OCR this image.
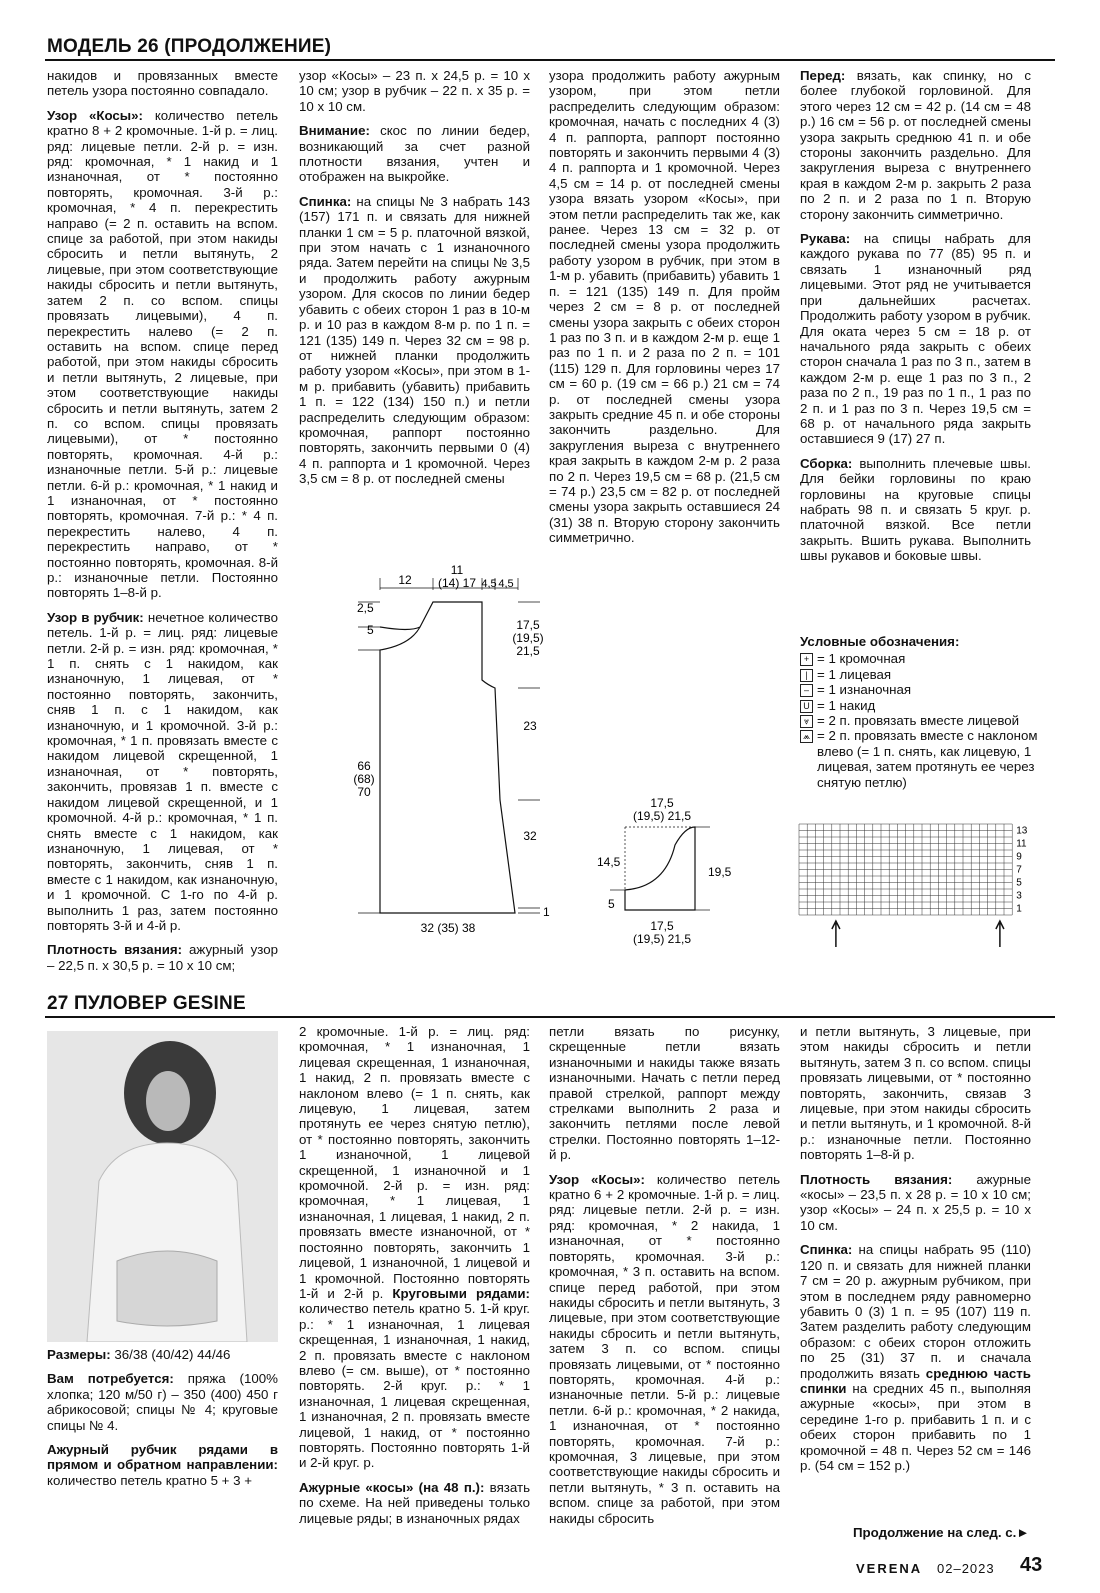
МОДЕЛЬ 26 (ПРОДОЛЖЕНИЕ)

накидов и провязанных вместе петель узора постоянно совпадало.

Узор «Косы»: количество петель кратно 8 + 2 кромочные. 1-й р. = лиц. ряд: лицевые петли. 2-й р. = изн. ряд: кромочная, * 1 накид и 1 изнаночная, от * постоянно повторять, кромочная. 3-й р.: кромочная, * 4 п. перекрестить направо (= 2 п. оставить на вспом. спице за работой, при этом накиды сбросить и петли вытянуть, 2 лицевые, при этом соответствующие накиды сбросить и петли вытянуть, затем 2 п. со вспом. спицы провязать лицевыми), 4 п. перекрестить налево (= 2 п. оставить на вспом. спице перед работой, при этом накиды сбросить и петли вытянуть, 2 лицевые, при этом соответствующие накиды сбросить и петли вытянуть, затем 2 п. со вспом. спицы провязать лицевыми), от * постоянно повторять, кромочная. 4-й р.: изнаночные петли. 5-й р.: лицевые петли. 6-й р.: кромочная, * 1 накид и 1 изнаночная, от * постоянно повторять, кромочная. 7-й р.: * 4 п. перекрестить налево, 4 п. перекрестить направо, от * постоянно повторять, кромочная. 8-й р.: изнаночные петли. Постоянно повторять 1–8-й р.

Узор в рубчик: нечетное количество петель. 1-й р. = лиц. ряд: лицевые петли. 2-й р. = изн. ряд: кромочная, * 1 п. снять с 1 накидом, как изнаночную, 1 лицевая, от * постоянно повторять, закончить, сняв 1 п. с 1 накидом, как изнаночную, и 1 кромочной. 3-й р.: кромочная, * 1 п. провязать вместе с накидом лицевой скрещенной, 1 изнаночная, от * повторять, закончить, провязав 1 п. вместе с накидом лицевой скрещенной, и 1 кромочной. 4-й р.: кромочная, * 1 п. снять вместе с 1 накидом, как изнаночную, 1 лицевая, от * повторять, закончить, сняв 1 п. вместе с 1 накидом, как изнаночную, и 1 кромочной. С 1-го по 4-й р. выполнить 1 раз, затем постоянно повторять 3-й и 4-й р.

Плотность вязания: ажурный узор – 22,5 п. х 30,5 р. = 10 х 10 см;

узор «Косы» – 23 п. х 24,5 р. = 10 х 10 см; узор в рубчик – 22 п. х 35 р. = 10 х 10 см.

Внимание: скос по линии бедер, возникающий за счет разной плотности вязания, учтен и отображен на выкройке.

Спинка: на спицы № 3 набрать 143 (157) 171 п. и связать для нижней планки 1 см = 5 р. платочной вязкой, при этом начать с 1 изнаночного ряда. Затем перейти на спицы № 3,5 и продолжить работу ажурным узором. Для скосов по линии бедер убавить с обеих сторон 1 раз в 10-м р. и 10 раз в каждом 8-м р. по 1 п. = 121 (135) 149 п. Через 32 см = 98 р. от нижней планки продолжить работу узором «Косы», при этом в 1-м р. прибавить (убавить) прибавить 1 п. = 122 (134) 150 п.) и петли распределить следующим образом: кромочная, раппорт постоянно повторять, закончить первыми 0 (4) 4 п. раппорта и 1 кромочной. Через 3,5 см = 8 р. от последней смены

узора продолжить работу ажурным узором, при этом петли распределить следующим образом: кромочная, начать с последних 4 (3) 4 п. раппорта, раппорт постоянно повторять и закончить первыми 4 (3) 4 п. раппорта и 1 кромочной. Через 4,5 см = 14 р. от последней смены узора вязать узором «Косы», при этом петли распределить так же, как ранее. Через 13 см = 32 р. от последней смены узора продолжить работу узором в рубчик, при этом в 1-м р. убавить (прибавить) убавить 1 п. = 121 (135) 149 п. Для пройм через 2 см = 8 р. от последней смены узора закрыть с обеих сторон 1 раз по 3 п. и в каждом 2-м р. еще 1 раз по 1 п. и 2 раза по 2 п. = 101 (115) 129 п. Для горловины через 17 см = 60 р. (19 см = 66 р.) 21 см = 74 р. от последней смены узора закрыть средние 45 п. и обе стороны закончить раздельно. Для закругления выреза с внутреннего края закрыть в каждом 2-м р. 2 раза по 2 п. Через 19,5 см = 68 р. (21,5 см = 74 р.) 23,5 см = 82 р. от последней смены узора закрыть оставшиеся 24 (31) 38 п. Вторую сторону закончить симметрично.

Перед: вязать, как спинку, но с более глубокой горловиной. Для этого через 12 см = 42 р. (14 см = 48 р.) 16 см = 56 р. от последней смены узора закрыть среднюю 41 п. и обе стороны закончить раздельно. Для закругления выреза с внутреннего края в каждом 2-м р. закрыть 2 раза по 2 п. и 2 раза по 1 п. Вторую сторону закончить симметрично.

Рукава: на спицы набрать для каждого рукава по 77 (85) 95 п. и связать 1 изнаночный ряд лицевыми. Этот ряд не учитывается при дальнейших расчетах. Продолжить работу узором в рубчик. Для оката через 5 см = 18 р. от начального ряда закрыть с обеих сторон сначала 1 раз по 3 п., затем в каждом 2-м р. еще 1 раз по 3 п., 2 раза по 2 п., 19 раз по 1 п., 1 раз по 2 п. и 1 раз по 3 п. Через 19,5 см = 68 р. от начального ряда закрыть оставшиеся 9 (17) 27 п.

Сборка: выполнить плечевые швы. Для бейки горловины по краю горловины на круговые спицы набрать 98 п. и связать 5 круг. р. платочной вязкой. Все петли закрыть. Вшить рукава. Выполнить швы рукавов и боковые швы.

12
11
(14) 17 4,5 4,5
2,5
5	17,5
(19,5)
21,5
23
32
66
(68)
70
1
32 (35) 38
17,5
(19,5) 21,5
14,5
19,5
5
17,5
(19,5) 21,5
Условные обозначения:
+ = 1 кромочная
| = 1 лицевая
– = 1 изнаночная
U = 1 накид
⩔ = 2 п. провязать вместе лицевой
⩕ = 2 п. провязать вместе с наклоном влево (= 1 п. снять, как лицевую, 1 лицевая, затем протянуть ее через снятую петлю)
13
11
9
7
5
3
1
27 ПУЛОВЕР GESINE

Размеры: 36/38 (40/42) 44/46

Вам потребуется: пряжа (100% хлопка; 120 м/50 г) – 350 (400) 450 г абрикосовой; спицы № 4; круговые спицы № 4.

Ажурный рубчик рядами в прямом и обратном направлении: количество петель кратно 5 + 3 +

2 кромочные. 1-й р. = лиц. ряд: кромочная, * 1 изнаночная, 1 лицевая скрещенная, 1 изнаночная, 1 накид, 2 п. провязать вместе с наклоном влево (= 1 п. снять, как лицевую, 1 лицевая, затем протянуть ее через снятую петлю), от * постоянно повторять, закончить 1 изнаночной, 1 лицевой скрещенной, 1 изнаночной и 1 кромочной. 2-й р. = изн. ряд: кромочная, * 1 лицевая, 1 изнаночная, 1 лицевая, 1 накид, 2 п. провязать вместе изнаночной, от * постоянно повторять, закончить 1 лицевой, 1 изнаночной, 1 лицевой и 1 кромочной. Постоянно повторять 1-й и 2-й р. Круговыми рядами: количество петель кратно 5. 1-й круг. р.: * 1 изнаночная, 1 лицевая скрещенная, 1 изнаночная, 1 накид, 2 п. провязать вместе с наклоном влево (= см. выше), от * постоянно повторять. 2-й круг. р.: * 1 изнаночная, 1 лицевая скрещенная, 1 изнаночная, 2 п. провязать вместе лицевой, 1 накид, от * постоянно повторять. Постоянно повторять 1-й и 2-й круг. р.

Ажурные «косы» (на 48 п.): вязать по схеме. На ней приведены только лицевые ряды; в изнаночных рядах

петли вязать по рисунку, скрещенные петли вязать изнаночными и накиды также вязать изнаночными. Начать с петли перед правой стрелкой, раппорт между стрелками выполнить 2 раза и закончить петлями после левой стрелки. Постоянно повторять 1–12-й р.

Узор «Косы»: количество петель кратно 6 + 2 кромочные. 1-й р. = лиц. ряд: лицевые петли. 2-й р. = изн. ряд: кромочная, * 2 накида, 1 изнаночная, от * постоянно повторять, кромочная. 3-й р.: кромочная, * 3 п. оставить на вспом. спице перед работой, при этом накиды сбросить и петли вытянуть, 3 лицевые, при этом соответствующие накиды сбросить и петли вытянуть, затем 3 п. со вспом. спицы провязать лицевыми, от * постоянно повторять, кромочная. 4-й р.: изнаночные петли. 5-й р.: лицевые петли. 6-й р.: кромочная, * 2 накида, 1 изнаночная, от * постоянно повторять, кромочная. 7-й р.: кромочная, 3 лицевые, при этом соответствующие накиды сбросить и петли вытянуть, * 3 п. оставить на вспом. спице за работой, при этом накиды сбросить

и петли вытянуть, 3 лицевые, при этом накиды сбросить и петли вытянуть, затем 3 п. со вспом. спицы провязать лицевыми, от * постоянно повторять, закончить, связав 3 лицевые, при этом накиды сбросить и петли вытянуть, и 1 кромочной. 8-й р.: изнаночные петли. Постоянно повторять 1–8-й р.

Плотность вязания: ажурные «косы» – 23,5 п. х 28 р. = 10 х 10 см; узор «Косы» – 24 п. х 25,5 р. = 10 х 10 см.

Спинка: на спицы набрать 95 (110) 120 п. и связать для нижней планки 7 см = 20 р. ажурным рубчиком, при этом в последнем ряду равномерно убавить 0 (3) 1 п. = 95 (107) 119 п. Затем разделить работу следующим образом: с обеих сторон отложить по 25 (31) 37 п. и сначала продолжить вязать среднюю часть спинки на средних 45 п., выполняя ажурные «косы», при этом в середине 1-го р. прибавить 1 п. и с обеих сторон прибавить по 1 кромочной = 48 п. Через 52 см = 146 р. (54 см = 152 р.)

Продолжение на след. с.►
VERENA 02–2023 43
